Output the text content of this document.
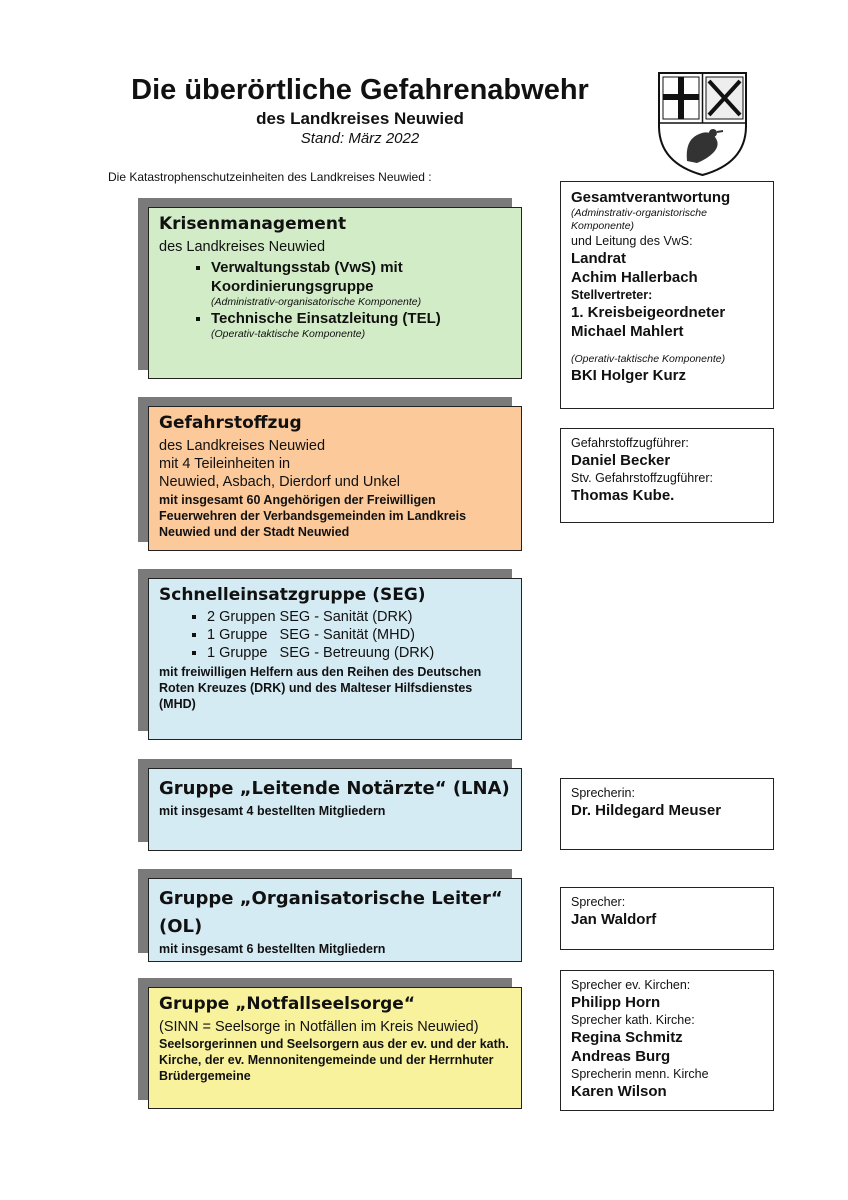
Die überörtliche Gefahrenabwehr
des Landkreises Neuwied
Stand: März 2022
Die Katastrophenschutzeinheiten des Landkreises Neuwied :
Krisenmanagement
des Landkreises Neuwied
▪ Verwaltungsstab (VwS) mit Koordinierungsgruppe
(Administrativ-organisatorische Komponente)
▪ Technische Einsatzleitung (TEL)
(Operativ-taktische Komponente)
Gefahrstoffzug
des Landkreises Neuwied
mit 4 Teileinheiten in
Neuwied, Asbach, Dierdorf und Unkel
mit insgesamt 60 Angehörigen der Freiwilligen Feuerwehren der Verbandsgemeinden im Landkreis Neuwied und der Stadt Neuwied
Schnelleinsatzgruppe (SEG)
▪ 2 Gruppen SEG - Sanität (DRK)
▪ 1 Gruppe   SEG - Sanität (MHD)
▪ 1 Gruppe   SEG - Betreuung (DRK)
mit freiwilligen Helfern aus den Reihen des Deutschen Roten Kreuzes (DRK) und des Malteser Hilfsdienstes (MHD)
Gruppe „Leitende Notärzte“ (LNA)
mit insgesamt 4 bestellten Mitgliedern
Gruppe „Organisatorische Leiter“ (OL)
mit insgesamt 6 bestellten Mitgliedern
Gruppe „Notfallseelsorge“
(SINN = Seelsorge in Notfällen im Kreis Neuwied)
Seelsorgerinnen und Seelsorgern aus der ev. und der kath. Kirche, der ev. Mennonitengemeinde und der Herrnhuter Brüdergemeine
Gesamtverantwortung
(Adminstrativ-organistorische Komponente)
und Leitung des VwS:
Landrat
Achim Hallerbach
Stellvertreter:
1. Kreisbeigeordneter
Michael Mahlert
(Operativ-taktische Komponente)
BKI Holger Kurz
Gefahrstoffzugführer:
Daniel Becker
Stv. Gefahrstoffzugführer:
Thomas Kube.
Sprecherin:
Dr. Hildegard Meuser
Sprecher:
Jan Waldorf
Sprecher ev. Kirchen:
Philipp Horn
Sprecher kath. Kirche:
Regina Schmitz
Andreas Burg
Sprecherin menn. Kirche
Karen Wilson
